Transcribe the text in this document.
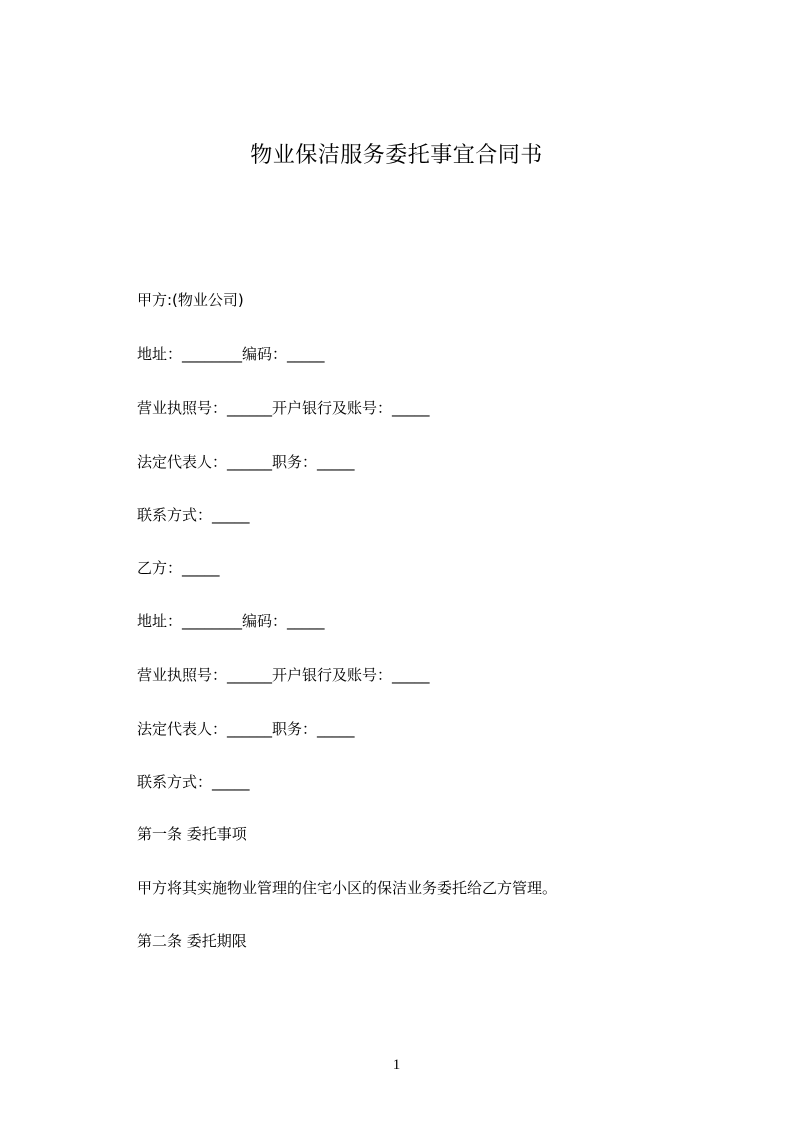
物业保洁服务委托事宜合同书

甲方:(物业公司)

地址：________编码：_____

营业执照号：______开户银行及账号：_____

法定代表人：______职务：_____

联系方式：_____

乙方：_____

地址：________编码：_____

营业执照号：______开户银行及账号：_____

法定代表人：______职务：_____

联系方式：_____

第一条 委托事项

甲方将其实施物业管理的住宅小区的保洁业务委托给乙方管理。

第二条 委托期限

1
